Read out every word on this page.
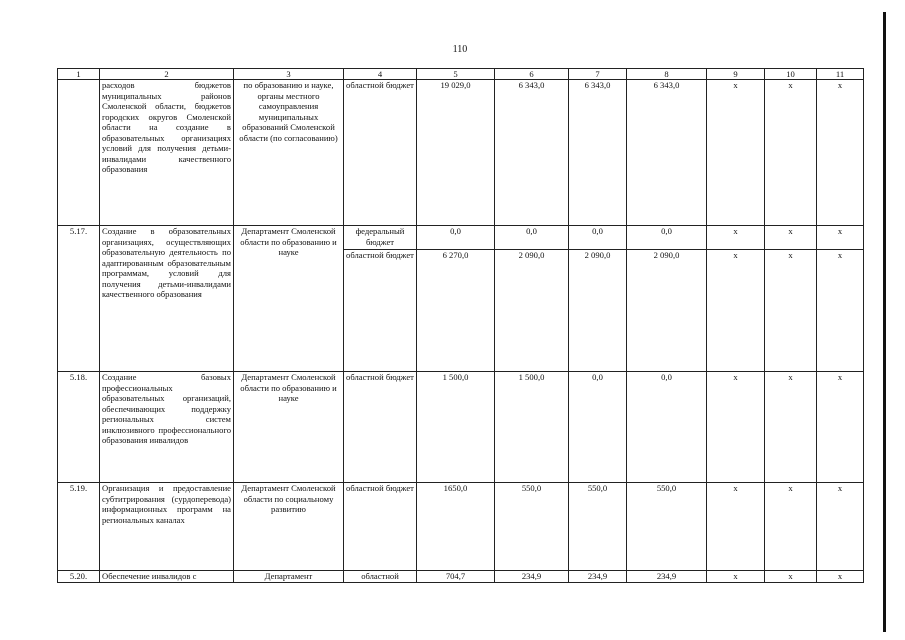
110
1	2	3	4	5	6	7	8	9	10	11
	расходов бюджетов муниципальных районов Смоленской области, бюджетов городских округов Смоленской области на создание в образовательных организациях условий для получения детьми-инвалидами качественного образования	по образованию и науке, органы местного самоуправления муниципальных образований Смоленской области (по согласованию)	областной бюджет	19 029,0	6 343,0	6 343,0	6 343,0	x	x	x
5.17.	Создание в образовательных организациях, осуществляющих образовательную деятельность по адаптированным образовательным программам, условий для получения детьми-инвалидами качественного образования	Департамент Смоленской области по образованию и науке	федеральный бюджет	0,0	0,0	0,0	0,0	x	x	x
			областной бюджет	6 270,0	2 090,0	2 090,0	2 090,0	x	x	x
5.18.	Создание базовых профессиональных образовательных организаций, обеспечивающих поддержку региональных систем инклюзивного профессионального образования инвалидов	Департамент Смоленской области по образованию и науке	областной бюджет	1 500,0	1 500,0	0,0	0,0	x	x	x
5.19.	Организация и предоставление субтитрирования (сурдоперевода) информационных программ на региональных каналах	Департамент Смоленской области по социальному развитию	областной бюджет	1650,0	550,0	550,0	550,0	x	x	x
5.20.	Обеспечение инвалидов с	Департамент	областной	704,7	234,9	234,9	234,9	x	x	x
